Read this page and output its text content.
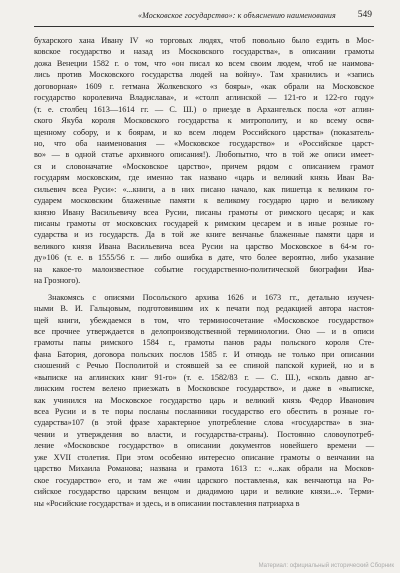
«Московское государство»: к объяснению наименования 549
бухарского хана Ивану IV «о торговых людях, чтоб повольно было ездить в Мос-
ковское государство и назад из Московского государства», в описании грамоты
дожа Венеции 1582 г. о том, что «он писал ко всем своим людем, чтоб не наимова-
лись против Московского государства людей на войну». Там хранились и «запись
договорная» 1609 г. гетмана Жолкевского «з бояры», «как обрали на Московское
государство королевича Владислава», и «столп аглинской — 121-го и 122-го году»
(т. е. столбец 1613—1614 гг. — С. Ш.) о приезде в Архангельск посла «от аглин-
ского Якуба короля Московского государства к митрополиту, и ко всему освя-
щенному собору, и к боярам, и ко всем людем Российского царства» (показатель-
но, что оба наименования — «Московское государство» и «Российское царст-
во» — в одной статье архивного описания!). Любопытно, что в той же описи имеет-
ся и словоначатие «Московское царство», причем рядом с описанием грамот
государям московским, где именно так названо «царь и великий князь Иван Ва-
сильевич всеа Руси»: «...книги, а в них писано начало, как пишетца к великим го-
сударем московским блаженные памяти к великому государю царю и великому
князю Ивану Васильевичу всеа Русии, писаны грамоты от римского цесаря; и как
писаны грамоты от московских государей к римским цесарем и в иные розные го-
сударства и из государств. Да в той же книге венчанье блаженные памяти царя и
великого князя Ивана Васильевича всеа Русии на царство Московское в 64-м го-
ду»106 (т. е. в 1555/56 г. — либо ошибка в дате, что более вероятно, либо указание
на какое-то малоизвестное событие государственно-политической биографии Ива-
на Грозного).
Знакомясь с описями Посольского архива 1626 и 1673 гг., детально изучен-
ными В. И. Гальцовым, подготовившим их к печати под редакцией автора настоя-
щей книги, убеждаемся в том, что терминосочетание «Московское государство»
все прочнее утверждается в делопроизводственной терминологии. Оно — и в описи
грамоты папы римского 1584 г., грамоты панов рады польского короля Сте-
фана Батория, договора польских послов 1585 г. И отнюдь не только при описании
сношений с Речью Посполитой и стоявшей за ее спиной папской курией, но и в
«выписке на аглинских книг 91-го» (т. е. 1582/83 г. — С. Ш.), «сколь давно аг-
линским гостем велено приезжать в Московское государство», и даже в «выписке,
как учинился на Московское государство царь и великий князь Федор Иванович
всеа Русии и в те поры посланы посланники государство его обестить в розные го-
сударства»107 (в этой фразе характерное употребление слова «государства» в зна-
чении и утверждения во власти, и государства-страны). Постоянно словоупотреб-
ление «Московское государство» в описании документов новейшего времени —
уже XVII столетия. При этом особенно интересно описание грамоты о венчании на
царство Михаила Романова; названа и грамота 1613 г.: «...как обрали на Москов-
ское государство» его, и там же «чин царского поставленья, как венчаютца на Ро-
сийское государство царским венцом и диадимою цари и великие князи...». Терми-
ны «Росийские государства» и здесь, и в описании поставления патриарха в
Материал: официальный исторический Сборник
